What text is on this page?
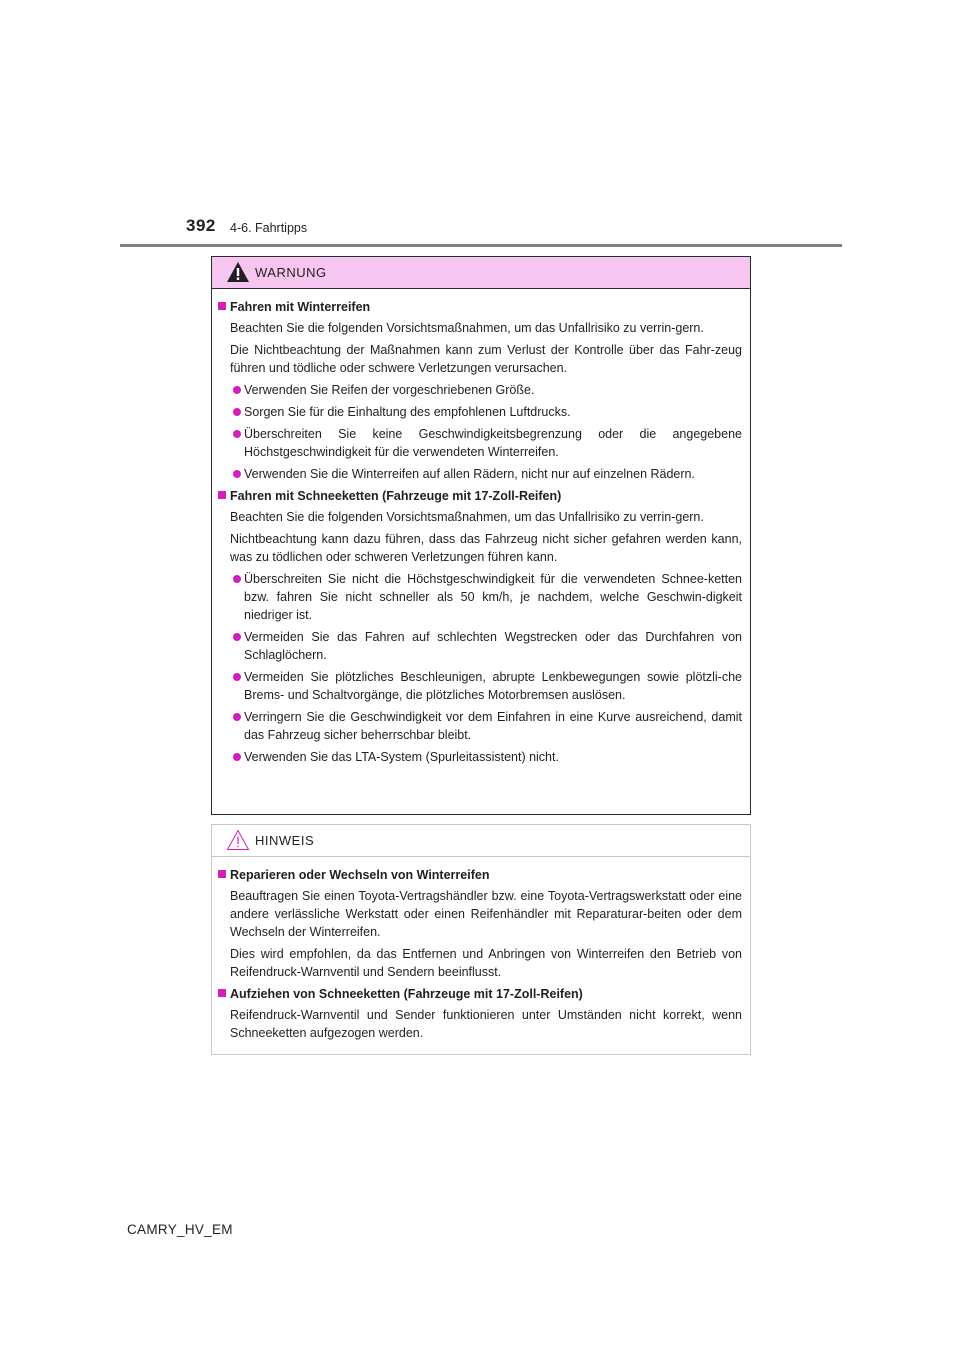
392 4-6. Fahrtipps
WARNUNG
Fahren mit Winterreifen
Beachten Sie die folgenden Vorsichtsmaßnahmen, um das Unfallrisiko zu verrin-gern.
Die Nichtbeachtung der Maßnahmen kann zum Verlust der Kontrolle über das Fahr-zeug führen und tödliche oder schwere Verletzungen verursachen.
Verwenden Sie Reifen der vorgeschriebenen Größe.
Sorgen Sie für die Einhaltung des empfohlenen Luftdrucks.
Überschreiten Sie keine Geschwindigkeitsbegrenzung oder die angegebene Höchstgeschwindigkeit für die verwendeten Winterreifen.
Verwenden Sie die Winterreifen auf allen Rädern, nicht nur auf einzelnen Rädern.
Fahren mit Schneeketten (Fahrzeuge mit 17-Zoll-Reifen)
Beachten Sie die folgenden Vorsichtsmaßnahmen, um das Unfallrisiko zu verrin-gern.
Nichtbeachtung kann dazu führen, dass das Fahrzeug nicht sicher gefahren werden kann, was zu tödlichen oder schweren Verletzungen führen kann.
Überschreiten Sie nicht die Höchstgeschwindigkeit für die verwendeten Schnee-ketten bzw. fahren Sie nicht schneller als 50 km/h, je nachdem, welche Geschwin-digkeit niedriger ist.
Vermeiden Sie das Fahren auf schlechten Wegstrecken oder das Durchfahren von Schlaglöchern.
Vermeiden Sie plötzliches Beschleunigen, abrupte Lenkbewegungen sowie plötzli-che Brems- und Schaltvorgänge, die plötzliches Motorbremsen auslösen.
Verringern Sie die Geschwindigkeit vor dem Einfahren in eine Kurve ausreichend, damit das Fahrzeug sicher beherrschbar bleibt.
Verwenden Sie das LTA-System (Spurleitassistent) nicht.
HINWEIS
Reparieren oder Wechseln von Winterreifen
Beauftragen Sie einen Toyota-Vertragshändler bzw. eine Toyota-Vertragswerkstatt oder eine andere verlässliche Werkstatt oder einen Reifenhändler mit Reparaturar-beiten oder dem Wechseln der Winterreifen.
Dies wird empfohlen, da das Entfernen und Anbringen von Winterreifen den Betrieb von Reifendruck-Warnventil und Sendern beeinflusst.
Aufziehen von Schneeketten (Fahrzeuge mit 17-Zoll-Reifen)
Reifendruck-Warnventil und Sender funktionieren unter Umständen nicht korrekt, wenn Schneeketten aufgezogen werden.
CAMRY_HV_EM
